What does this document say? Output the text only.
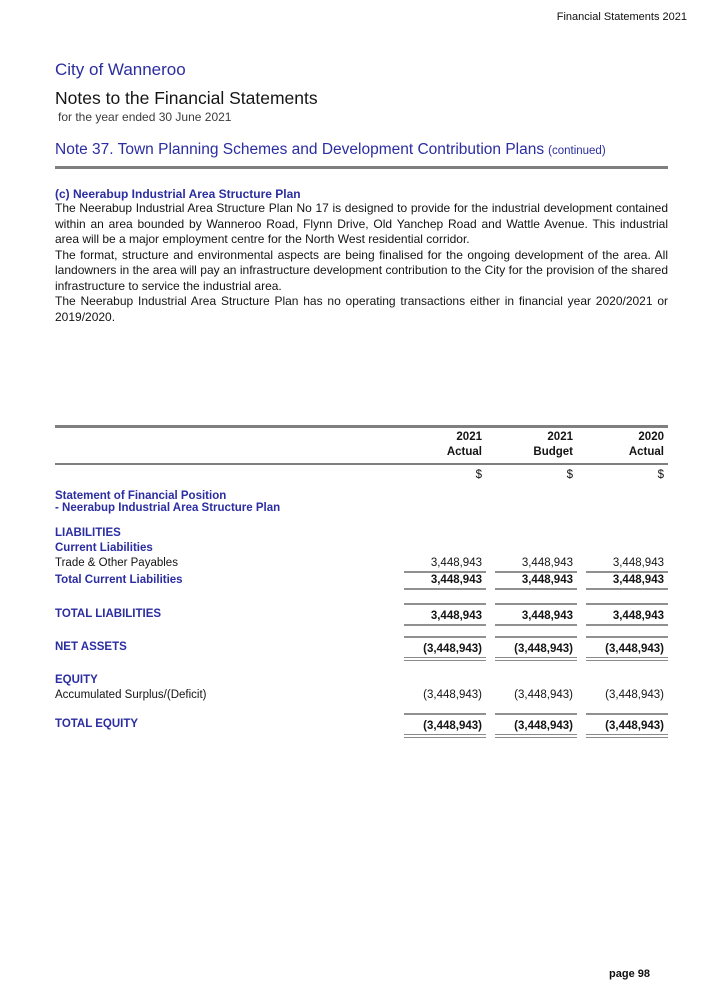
Financial Statements 2021
City of Wanneroo
Notes to the Financial Statements
for the year ended 30 June 2021
Note 37. Town Planning Schemes and Development Contribution Plans (continued)
(c) Neerabup Industrial Area Structure Plan

The Neerabup Industrial Area Structure Plan No 17 is designed to provide for the industrial development contained within an area bounded by Wanneroo Road, Flynn Drive, Old Yanchep Road and Wattle Avenue. This industrial area will be a major employment centre for the North West residential corridor.

The format, structure and environmental aspects are being finalised for the ongoing development of the area. All landowners in the area will pay an infrastructure development contribution to the City for the provision of the shared infrastructure to service the industrial area.

The Neerabup Industrial Area Structure Plan has no operating transactions either in financial year 2020/2021 or 2019/2020.

2021	2021	2020
Actual	Budget	Actual
$	$	$
Statement of Financial Position
- Neerabup Industrial Area Structure Plan
LIABILITIES
Current Liabilities
Trade & Other Payables	3,448,943	3,448,943	3,448,943
Total Current Liabilities	3,448,943	3,448,943	3,448,943
TOTAL LIABILITIES	3,448,943	3,448,943	3,448,943
NET ASSETS	(3,448,943)	(3,448,943)	(3,448,943)
EQUITY
Accumulated Surplus/(Deficit)	(3,448,943)	(3,448,943)	(3,448,943)
TOTAL EQUITY	(3,448,943)	(3,448,943)	(3,448,943)
page 98
